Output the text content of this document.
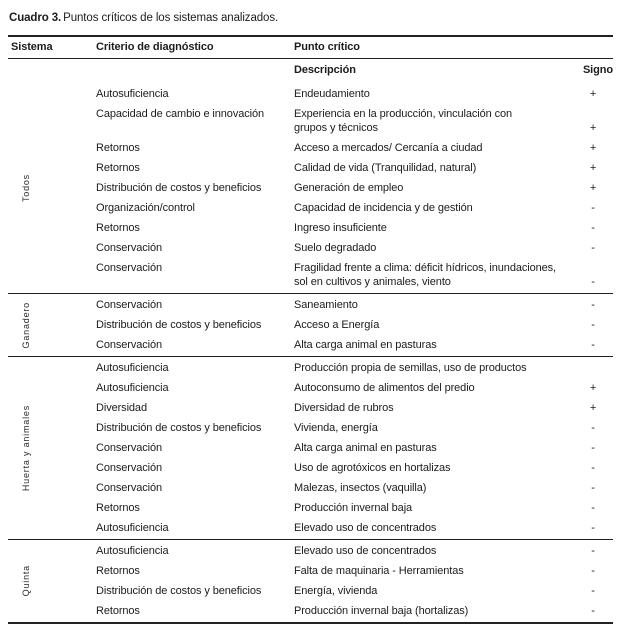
Cuadro 3. Puntos críticos de los sistemas analizados.
Sistema	Criterio de diagnóstico	Punto crítico
Descripción	Signo
Todos
Autosuficiencia	Endeudamiento	+
Capacidad de cambio e innovación	Experiencia en la producción, vinculación con
grupos y técnicos	+
Retornos	Acceso a mercados/ Cercanía a ciudad	+
Retornos	Calidad de vida (Tranquilidad, natural)	+
Distribución de costos y beneficios	Generación de empleo	+
Organización/control	Capacidad de incidencia y de gestión	-
Retornos	Ingreso insuficiente	-
Conservación	Suelo degradado	-
Conservación	Fragilidad frente a clima: déficit hídricos, inundaciones,
sol en cultivos y animales, viento	-
Ganadero	Conservación	Saneamiento	-
Distribución de costos y beneficios	Acceso a Energía	-
Conservación	Alta carga animal en pasturas	-
Huerta y animales
Autosuficiencia	Producción propia de semillas, uso de productos
Autosuficiencia	Autoconsumo de alimentos del predio	+
Diversidad	Diversidad de rubros	+
Distribución de costos y beneficios	Vivienda, energía	-
Conservación	Alta carga animal en pasturas	-
Conservación	Uso de agrotóxicos en hortalizas	-
Conservación	Malezas, insectos (vaquilla)	-
Retornos	Producción invernal baja	-
Autosuficiencia	Elevado uso de concentrados	-
Quinta
Autosuficiencia	Elevado uso de concentrados	-
Retornos	Falta de maquinaria - Herramientas	-
Distribución de costos y beneficios	Energía, vivienda	-
Retornos	Producción invernal baja (hortalizas)	-
